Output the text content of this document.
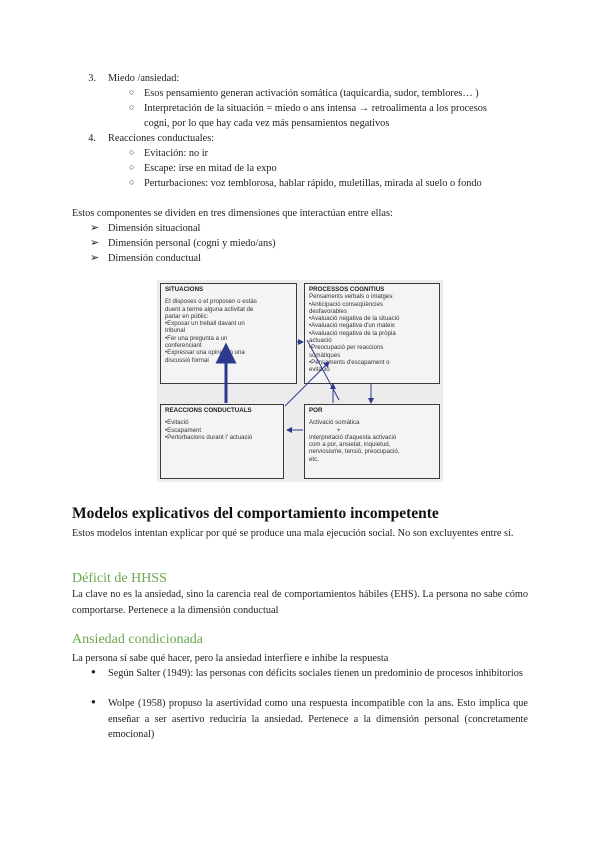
3. Miedo /ansiedad:
○ Esos pensamiento generan activación somática (taquicardia, sudor, temblores… )
○ Interpretación de la situación = miedo o ans intensa → retroalimenta a los procesos
cogni, por lo que hay cada vez más pensamientos negativos
4. Reacciones conductuales:
○ Evitación: no ir
○ Escape: irse en mitad de la expo
○ Perturbaciones: voz temblorosa, hablar rápido, muletillas, mirada al suelo o fondo
Estos componentes se dividen en tres dimensiones que interactúan entre ellas:
➢ Dimensión situacional
➢ Dimensión personal (cogni y miedo/ans)
➢ Dimensión conductual
SITUACIONS
Et disposes o et proposen o estàs
duent a terme alguna activitat de
parlar en públic:
•Exposar un treball davant un
tribunal
•Fer una pregunta a un
conferenciant
•Expressar una opinió en una
discussió formal
PROCESSOS COGNITIUS
Pensaments verbals o imatges:
•Anticipació conseqüències
desfavorables
•Avaluació negativa de la situació
•Avaluació negativa d'un mateix
•Avaluació negativa de la pròpia
actuació
•Preocupació per reaccions
somàtiques
•Pensaments d'escapament o
evitació
REACCIONS CONDUCTUALS
•Evitació
•Escapament
•Pertorbacions durant l' actuació
POR
Activació somàtica
+
Interpretació d'aquesta activació
com a por, ansietat, inquietud,
nerviosisme, tensió, preocupació,
etc.
Modelos explicativos del comportamiento incompetente
Estos modelos intentan explicar por qué se produce una mala ejecución social. No son excluyentes entre sí.
Déficit de HHSS
La clave no es la ansiedad, sino la carencia real de comportamientos hábiles (EHS). La persona no sabe cómo comportarse. Pertenece a la dimensión conductual
Ansiedad condicionada
La persona sí sabe qué hacer, pero la ansiedad interfiere e inhibe la respuesta
● Según Salter (1949): las personas con déficits sociales tienen un predominio de procesos inhibitorios
● Wolpe (1958) propuso la asertividad como una respuesta incompatible con la ans. Esto implica que enseñar a ser asertivo reduciría la ansiedad. Pertenece a la dimensión personal (concretamente emocional)
